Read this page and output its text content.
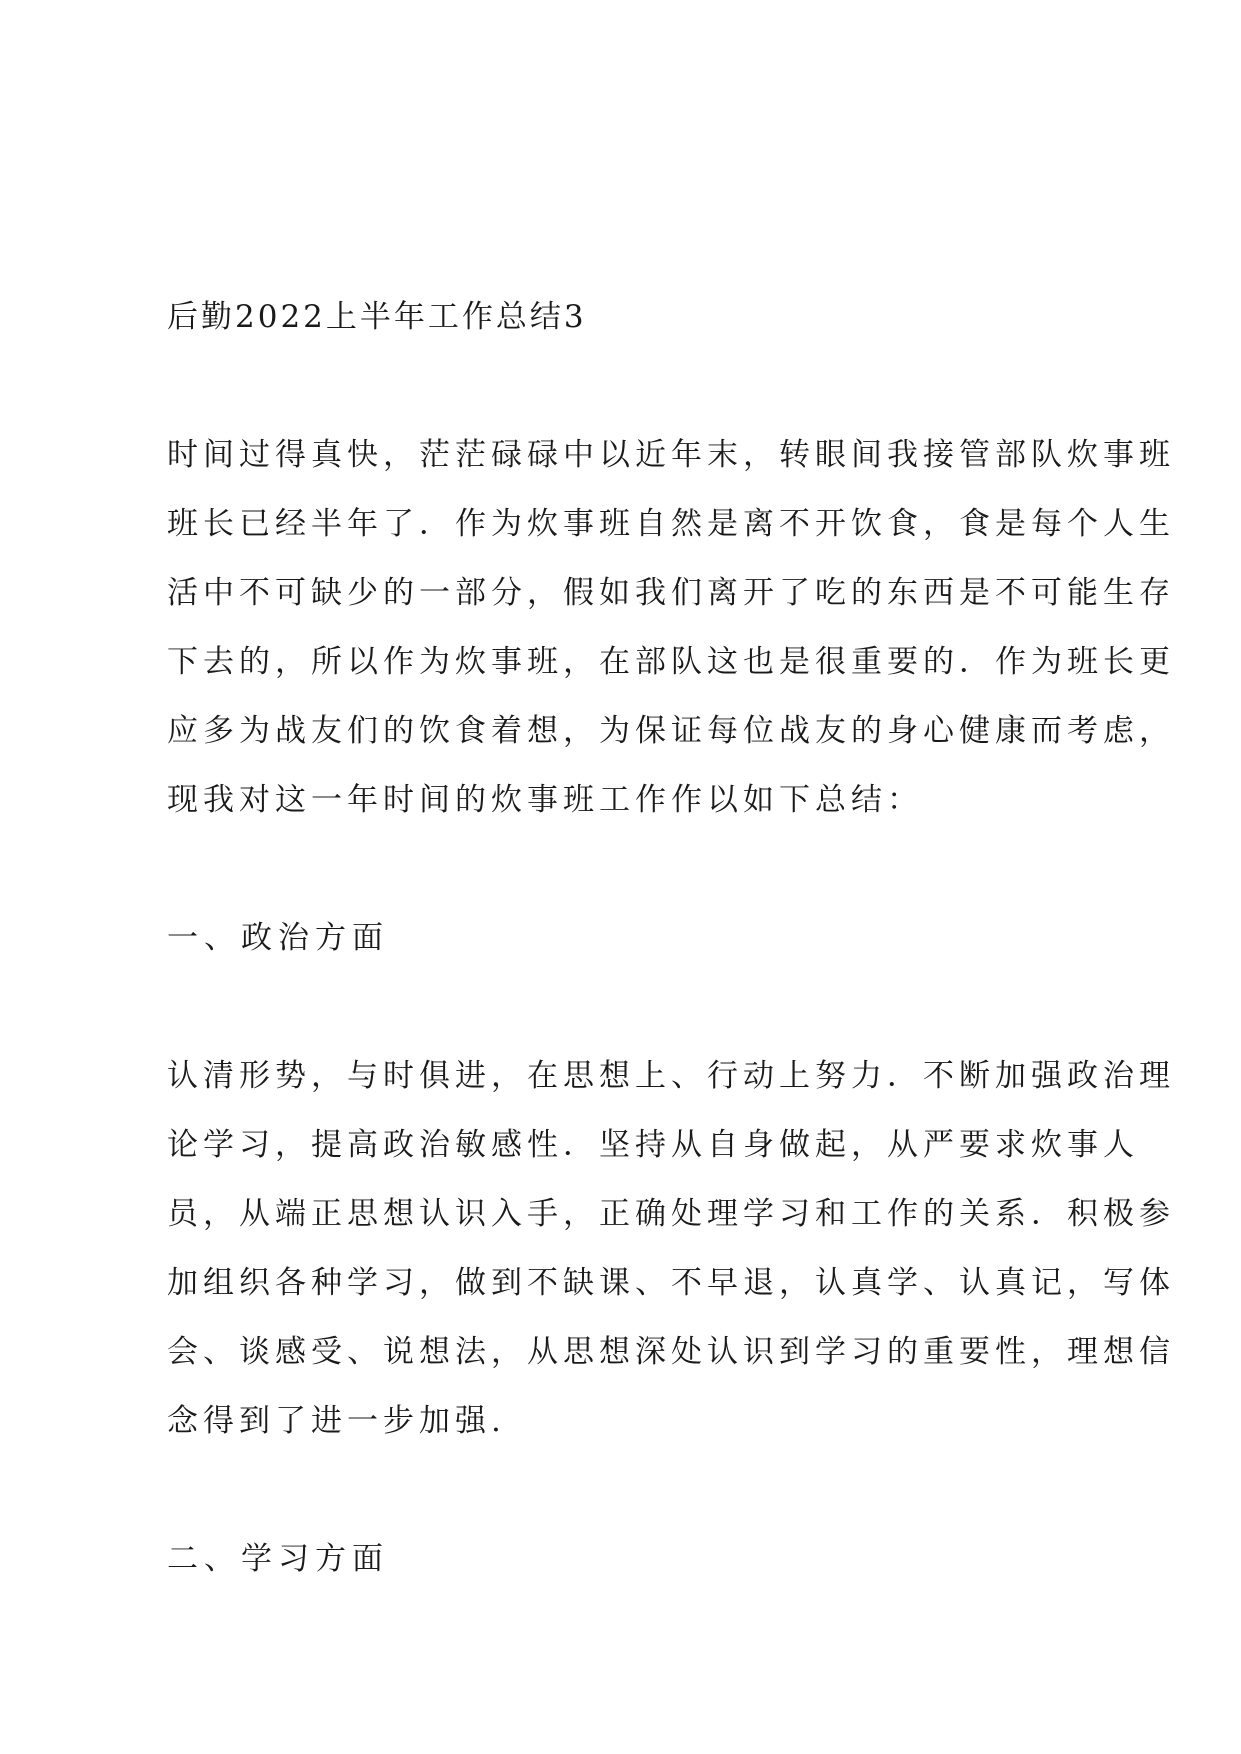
后勤2022上半年工作总结3
时间过得真快，茫茫碌碌中以近年末，转眼间我接管部队炊事班
班长已经半年了．作为炊事班自然是离不开饮食，食是每个人生
活中不可缺少的一部分，假如我们离开了吃的东西是不可能生存
下去的，所以作为炊事班，在部队这也是很重要的．作为班长更
应多为战友们的饮食着想，为保证每位战友的身心健康而考虑，
现我对这一年时间的炊事班工作作以如下总结：
一、政治方面
认清形势，与时俱进，在思想上、行动上努力．不断加强政治理
论学习，提高政治敏感性．坚持从自身做起，从严要求炊事人
员，从端正思想认识入手，正确处理学习和工作的关系．积极参
加组织各种学习，做到不缺课、不早退，认真学、认真记，写体
会、谈感受、说想法，从思想深处认识到学习的重要性，理想信
念得到了进一步加强.
二、学习方面
